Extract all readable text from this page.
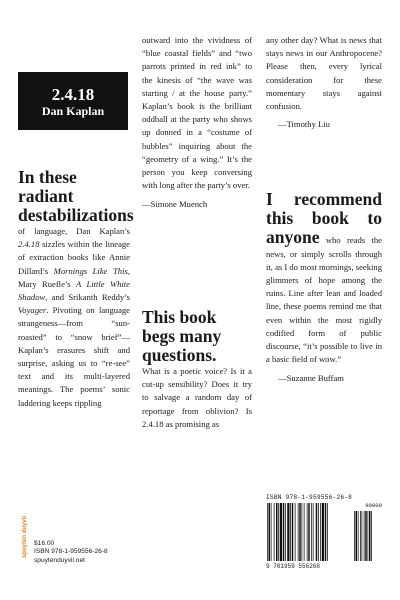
2.4.18
Dan Kaplan

In these radiant destabilizations

of language, Dan Kaplan’s 2.4.18 sizzles within the lineage of extraction books like Annie Dillard’s Mornings Like This, Mary Ruefle’s A Little White Shadow, and Srikanth Reddy’s Voyager. Pivoting on language strangeness—from “sun-roasted” to “snow brief”—Kaplan’s erasures shift and surprise, asking us to “re-see” text and its multi-layered meanings. The poems’ sonic laddering keeps rippling

outward into the vividness of “blue coastal fields” and “two parrots printed in red ink” to the kinesis of “the wave was starting / at the house party.” Kaplan’s book is the brilliant oddball at the party who shows up donned in a “costume of bubbles” inquiring about the “geometry of a wing.” It’s the person you keep conversing with long after the party’s over.

—Simone Muench

This book begs many questions.

What is a poetic voice? Is it a cut-up sensibility? Does it try to salvage a random day of reportage from oblivion? Is 2.4.18 as promising as

any other day? What is news that stays news in our Anthropocene? Please then, every lyrical consideration for these momentary stays against confusion.

—Timothy Liu

I recommend this book to anyone who reads the news, or simply scrolls through it, as I do most mornings, seeking glimmers of hope among the ruins. Line after lean and loaded line, these poems remind me that even within the most rigidly codified form of public discourse, “it’s possible to live in a basic field of wow.”

—Suzanne Buffam

spuyten duyvil $16.00
ISBN 978-1-959556-26-8
spuytenduyvil.net
ISBN 978-1-959556-26-8
90000
9 781959 556268
